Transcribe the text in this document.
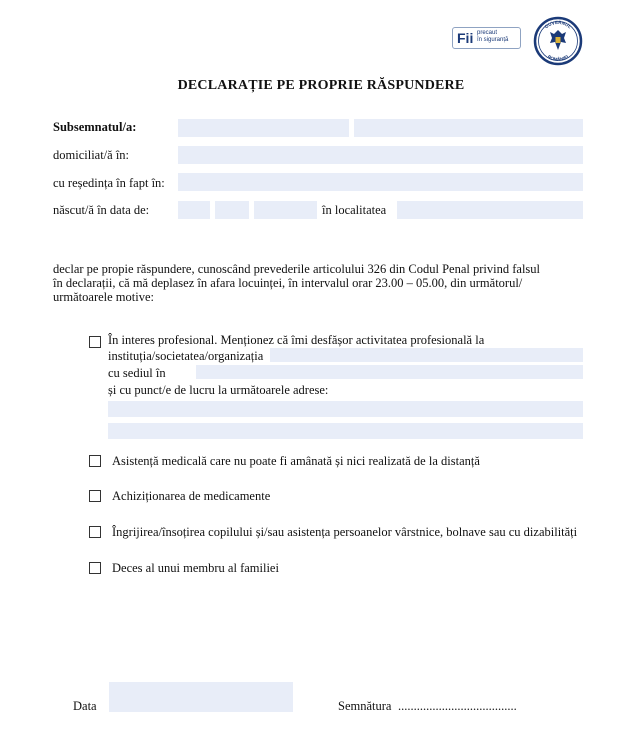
Fii precaut
în siguranță
GUVERNUL
ROMÂNIEI
DECLARAȚIE PE PROPRIE RĂSPUNDERE
Subsemnatul/a:
domiciliat/ă în:
cu reședința în fapt în:
născut/ă în data de:	în localitatea
declar pe propie răspundere, cunoscând prevederile articolului 326 din Codul Penal privind falsul
în declarații, că mă deplasez în afara locuinței, în intervalul orar 23.00 – 05.00, din următorul/
următoarele motive:
În interes profesional. Menționez că îmi desfășor activitatea profesională la
instituția/societatea/organizația
cu sediul în
și cu punct/e de lucru la următoarele adrese:
Asistență medicală care nu poate fi amânată și nici realizată de la distanță
Achiziționarea de medicamente
Îngrijirea/însoțirea copilului și/sau asistența persoanelor vârstnice, bolnave sau cu dizabilități
Deces al unui membru al familiei
Data	Semnătura ......................................
